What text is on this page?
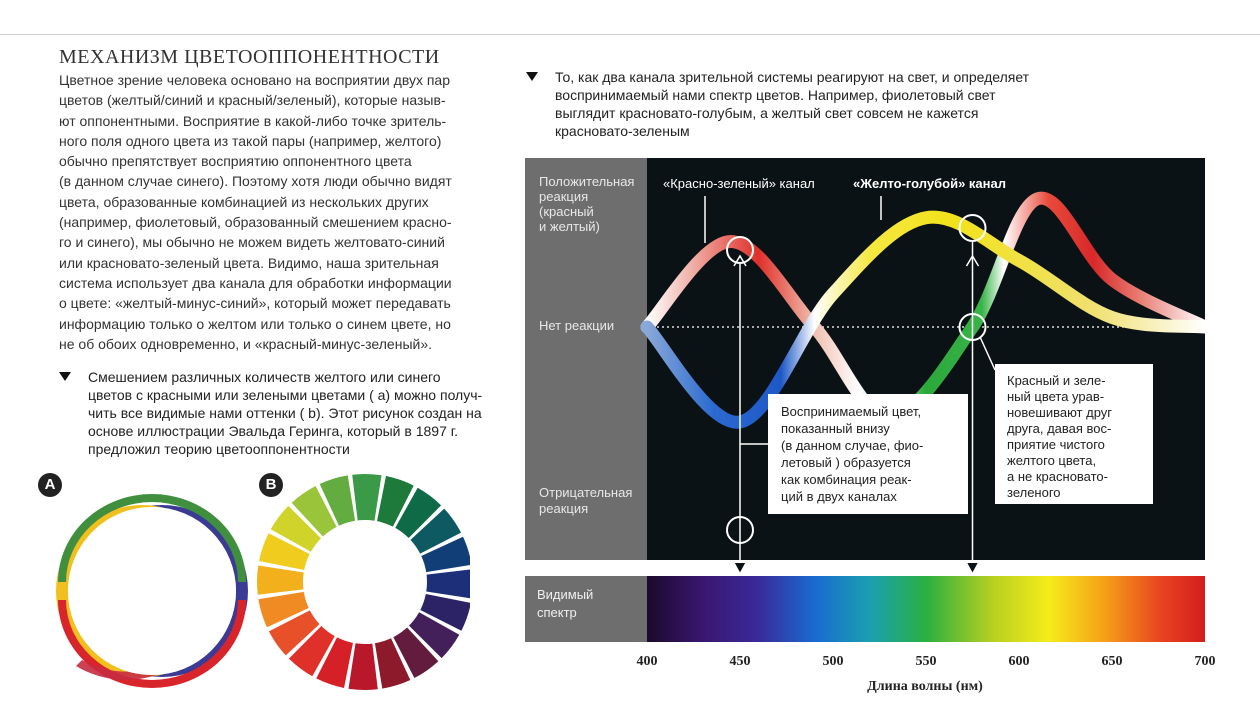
МЕХАНИЗМ ЦВЕТООППОНЕНТНОСТИ
Цветное зрение человека основано на восприятии двух пар
цветов (желтый/синий и красный/зеленый), которые назыв-
ют оппонентными. Восприятие в какой-либо точке зритель-
ного поля одного цвета из такой пары (например, желтого)
обычно препятствует восприятию оппонентного цвета
(в данном случае синего). Поэтому хотя люди обычно видят
цвета, образованные комбинацией из нескольких других
(например, фиолетовый, образованный смешением красно-
го и синего), мы обычно не можем видеть желтовато-синий
или красновато-зеленый цвета. Видимо, наша зрительная
система использует два канала для обработки информации
о цвете: «желтый-минус-синий», который может передавать
информацию только о желтом или только о синем цвете, но
не об обоих одновременно, и «красный-минус-зеленый».
Смешением различных количеств желтого или синего
цветов с красными или зелеными цветами ( а) можно получ-
чить все видимые нами оттенки ( b). Этот рисунок создан на
основе иллюстрации Эвальда Геринга, который в 1897 г.
предложил теорию цветооппонентности
То, как два канала зрительной системы реагируют на свет, и определяет
воспринимаемый нами спектр цветов. Например, фиолетовый свет
выглядит красновато-голубым, а желтый свет совсем не кажется
красновато-зеленым
A	B
Положительная реакция (красный и желтый)
Нет реакции
Отрицательная реакция
«Красно-зеленый» канал	«Желто-голубой» канал
Воспринимаемый цвет, показанный внизу (в данном случае, фио- летовый ) образуется как комбинация реак- ций в двух каналах
Красный и зеле- ный цвета урав- новешивают друг друга, давая вос- приятие чистого желтого цвета, а не красновато- зеленого
Видимый спектр
400	450	500	550	600	650	700
Длина волны (нм)
